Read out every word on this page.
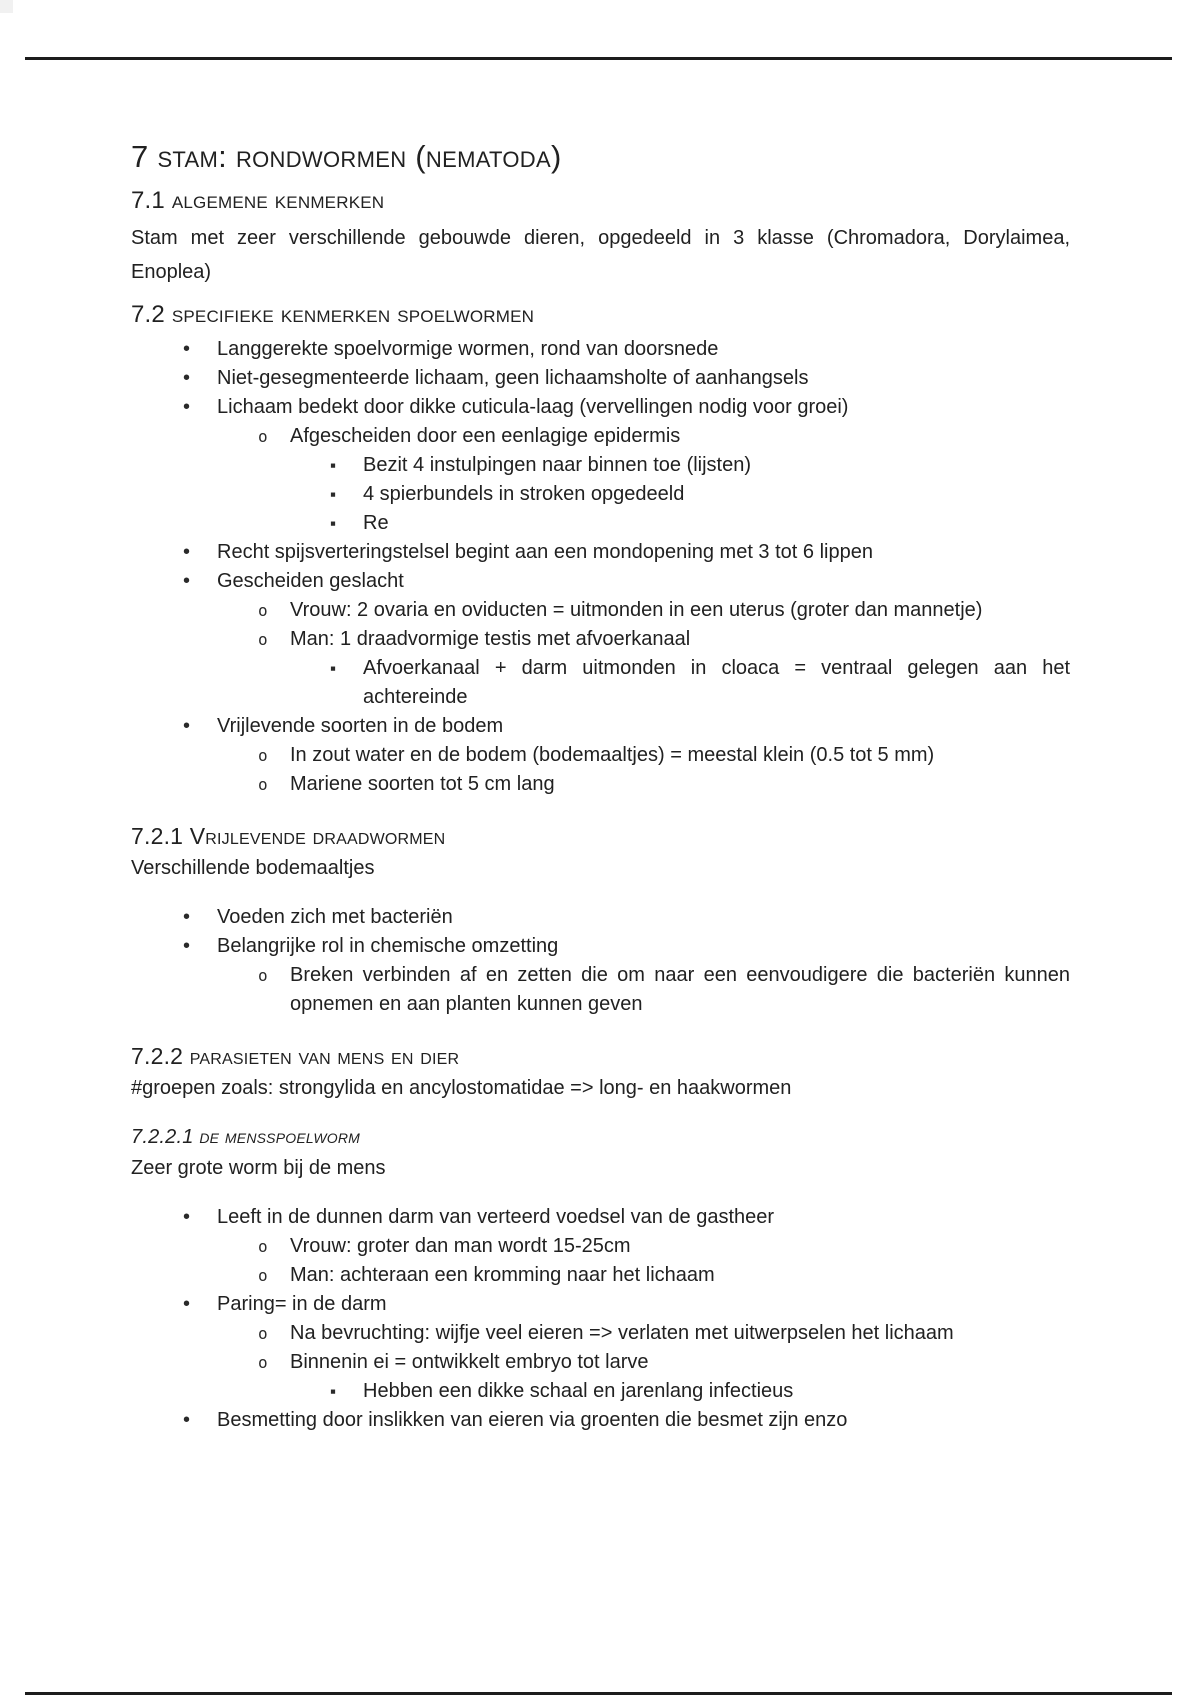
7 stam: rondwormen (nematoda)
7.1 algemene kenmerken

Stam met zeer verschillende gebouwde dieren, opgedeeld in 3 klasse (Chromadora, Dorylaimea, Enoplea)

7.2 specifieke kenmerken spoelwormen
•	Langgerekte spoelvormige wormen, rond van doorsnede
•	Niet-gesegmenteerde lichaam, geen lichaamsholte of aanhangsels
•	Lichaam bedekt door dikke cuticula-laag (vervellingen nodig voor groei)
o	Afgescheiden door een eenlagige epidermis
▪	Bezit 4 instulpingen naar binnen toe (lijsten)
▪	4 spierbundels in stroken opgedeeld
▪	Re
•	Recht spijsverteringstelsel begint aan een mondopening met 3 tot 6 lippen
•	Gescheiden geslacht
o	Vrouw: 2 ovaria en oviducten = uitmonden in een uterus (groter dan mannetje)
o	Man: 1 draadvormige testis met afvoerkanaal
▪	Afvoerkanaal + darm uitmonden in cloaca = ventraal gelegen aan het achtereinde
•	Vrijlevende soorten in de bodem
o	In zout water en de bodem (bodemaaltjes) = meestal klein (0.5 tot 5 mm)
o	Mariene soorten tot 5 cm lang
7.2.1 Vrijlevende draadwormen

Verschillende bodemaaltjes

•	Voeden zich met bacteriën
•	Belangrijke rol in chemische omzetting
o	Breken verbinden af en zetten die om naar een eenvoudigere die bacteriën kunnen opnemen en aan planten kunnen geven
7.2.2 parasieten van mens en dier

#groepen zoals: strongylida en ancylostomatidae => long- en haakwormen

7.2.2.1 de mensspoelworm

Zeer grote worm bij de mens

•	Leeft in de dunnen darm van verteerd voedsel van de gastheer
o	Vrouw: groter dan man wordt 15-25cm
o	Man: achteraan een kromming naar het lichaam
•	Paring= in de darm
o	Na bevruchting: wijfje veel eieren => verlaten met uitwerpselen het lichaam
o	Binnenin ei = ontwikkelt embryo tot larve
▪	Hebben een dikke schaal en jarenlang infectieus
•	Besmetting door inslikken van eieren via groenten die besmet zijn enzo
